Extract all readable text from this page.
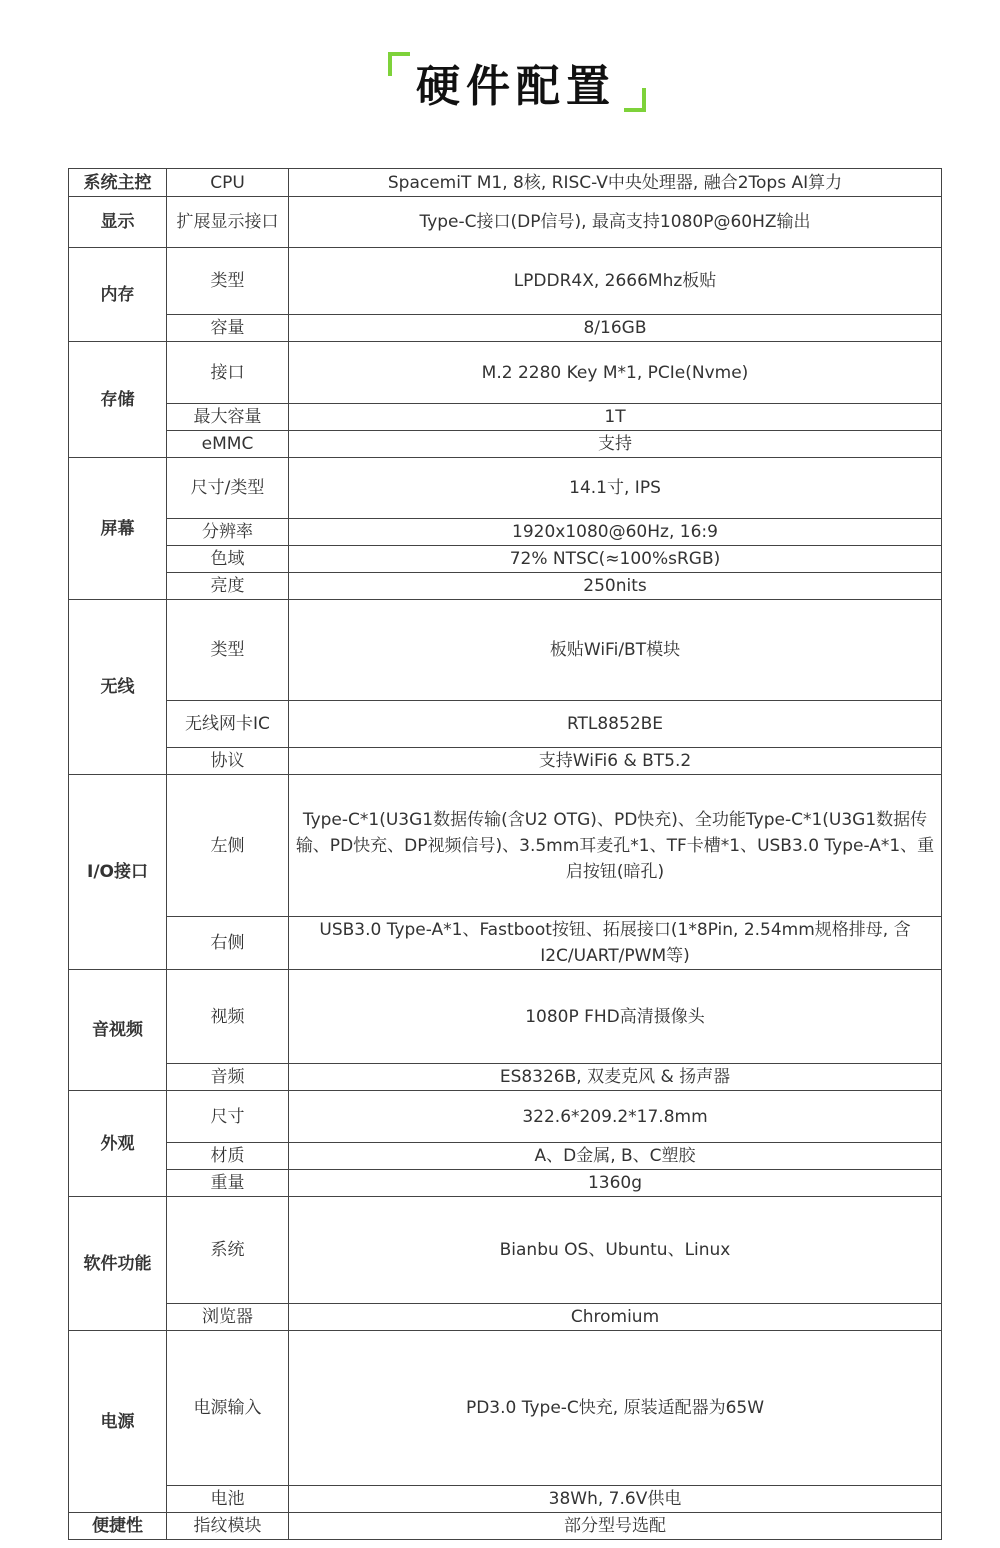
硬件配置
系统主控	CPU	SpacemiT M1, 8核, RISC-V中央处理器, 融合2Tops AI算力
显示	扩展显示接口	Type-C接口(DP信号), 最高支持1080P@60HZ输出
内存	类型	LPDDR4X, 2666Mhz板贴
	容量	8/16GB
存储	接口	M.2 2280 Key M*1, PCIe(Nvme)
	最大容量	1T
	eMMC	支持
屏幕	尺寸/类型	14.1寸, IPS
	分辨率	1920x1080@60Hz, 16:9
	色域	72% NTSC(≈100%sRGB)
	亮度	250nits
无线	类型	板贴WiFi/BT模块
	无线网卡IC	RTL8852BE
	协议	支持WiFi6 & BT5.2
I/O接口	左侧	Type-C*1(U3G1数据传输(含U2 OTG)、PD快充)、全功能Type-C*1(U3G1数据传输、PD快充、DP视频信号)、3.5mm耳麦孔*1、TF卡槽*1、USB3.0 Type-A*1、重启按钮(暗孔)
	右侧	USB3.0 Type-A*1、Fastboot按钮、拓展接口(1*8Pin, 2.54mm规格排母, 含I2C/UART/PWM等)
音视频	视频	1080P FHD高清摄像头
	音频	ES8326B, 双麦克风 & 扬声器
外观	尺寸	322.6*209.2*17.8mm
	材质	A、D金属, B、C塑胶
	重量	1360g
软件功能	系统	Bianbu OS、Ubuntu、Linux
	浏览器	Chromium
电源	电源输入	PD3.0 Type-C快充, 原装适配器为65W
	电池	38Wh, 7.6V供电
便捷性	指纹模块	部分型号选配
